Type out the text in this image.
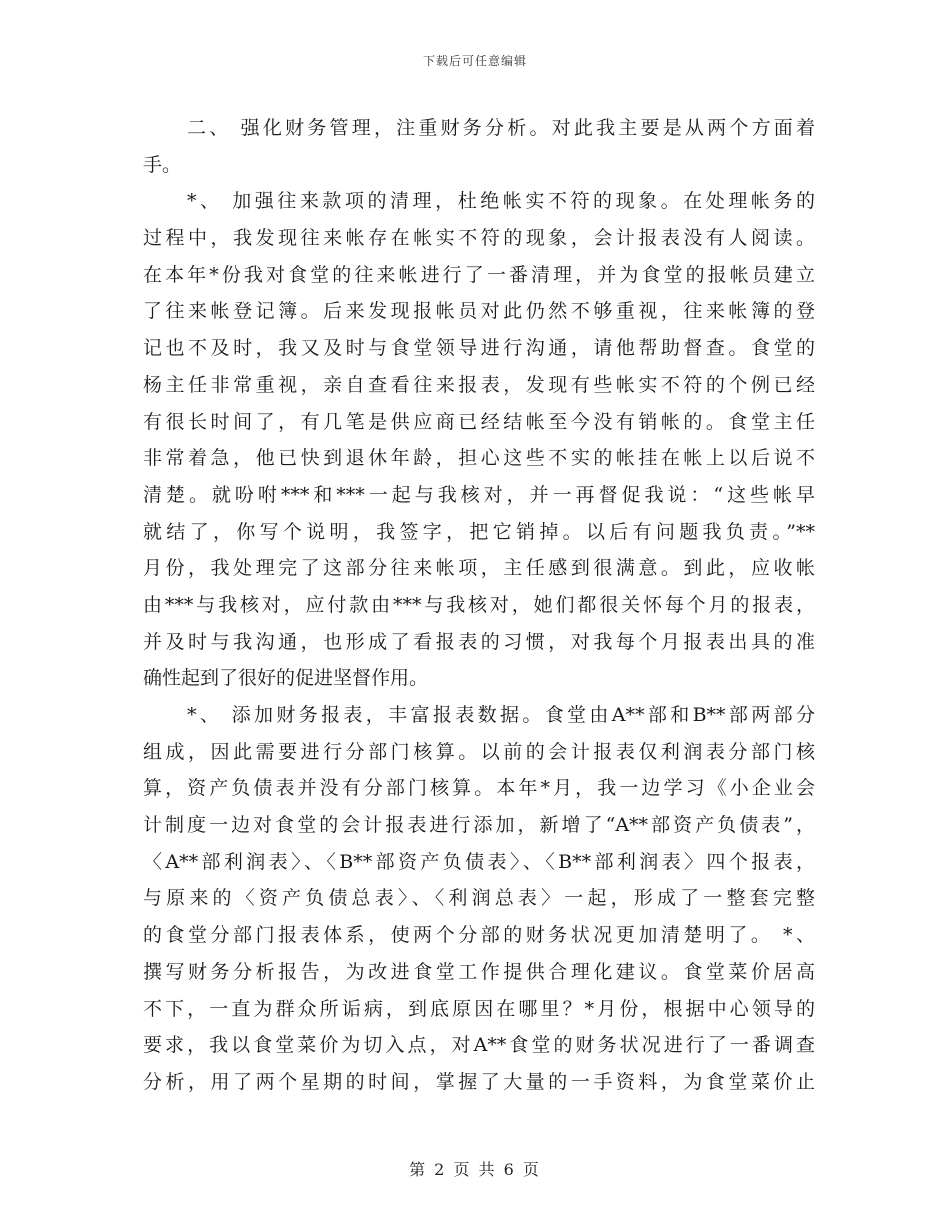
下载后可任意编辑
二、 强化财务管理，注重财务分析。对此我主要是从两个方面着
手。
*、 加强往来款项的清理，杜绝帐实不符的现象。在处理帐务的
过程中，我发现往来帐存在帐实不符的现象，会计报表没有人阅读。
在本年*份我对食堂的往来帐进行了一番清理，并为食堂的报帐员建立
了往来帐登记簿。后来发现报帐员对此仍然不够重视，往来帐簿的登
记也不及时，我又及时与食堂领导进行沟通，请他帮助督查。食堂的
杨主任非常重视，亲自查看往来报表，发现有些帐实不符的个例已经
有很长时间了，有几笔是供应商已经结帐至今没有销帐的。食堂主任
非常着急，他已快到退休年龄，担心这些不实的帐挂在帐上以后说不
清楚。就吩咐***和***一起与我核对，并一再督促我说：“这些帐早
就结了，你写个说明，我签字，把它销掉。以后有问题我负责。”**
月份，我处理完了这部分往来帐项，主任感到很满意。到此，应收帐
由***与我核对，应付款由***与我核对，她们都很关怀每个月的报表，
并及时与我沟通，也形成了看报表的习惯，对我每个月报表出具的准
确性起到了很好的促进坚督作用。
*、 添加财务报表，丰富报表数据。食堂由A**部和B**部两部分
组成，因此需要进行分部门核算。以前的会计报表仅利润表分部门核
算，资产负债表并没有分部门核算。本年*月，我一边学习《小企业会
计制度一边对食堂的会计报表进行添加，新增了“A**部资产负债表”，
〈A**部利润表〉、〈B**部资产负债表〉、〈B**部利润表〉四个报表，
与原来的〈资产负债总表〉、〈利润总表〉一起，形成了一整套完整
的食堂分部门报表体系，使两个分部的财务状况更加清楚明了。 *、
撰写财务分析报告，为改进食堂工作提供合理化建议。食堂菜价居高
不下，一直为群众所诟病，到底原因在哪里？*月份，根据中心领导的
要求，我以食堂菜价为切入点，对A**食堂的财务状况进行了一番调查
分析，用了两个星期的时间，掌握了大量的一手资料，为食堂菜价止
第 2 页 共 6 页
